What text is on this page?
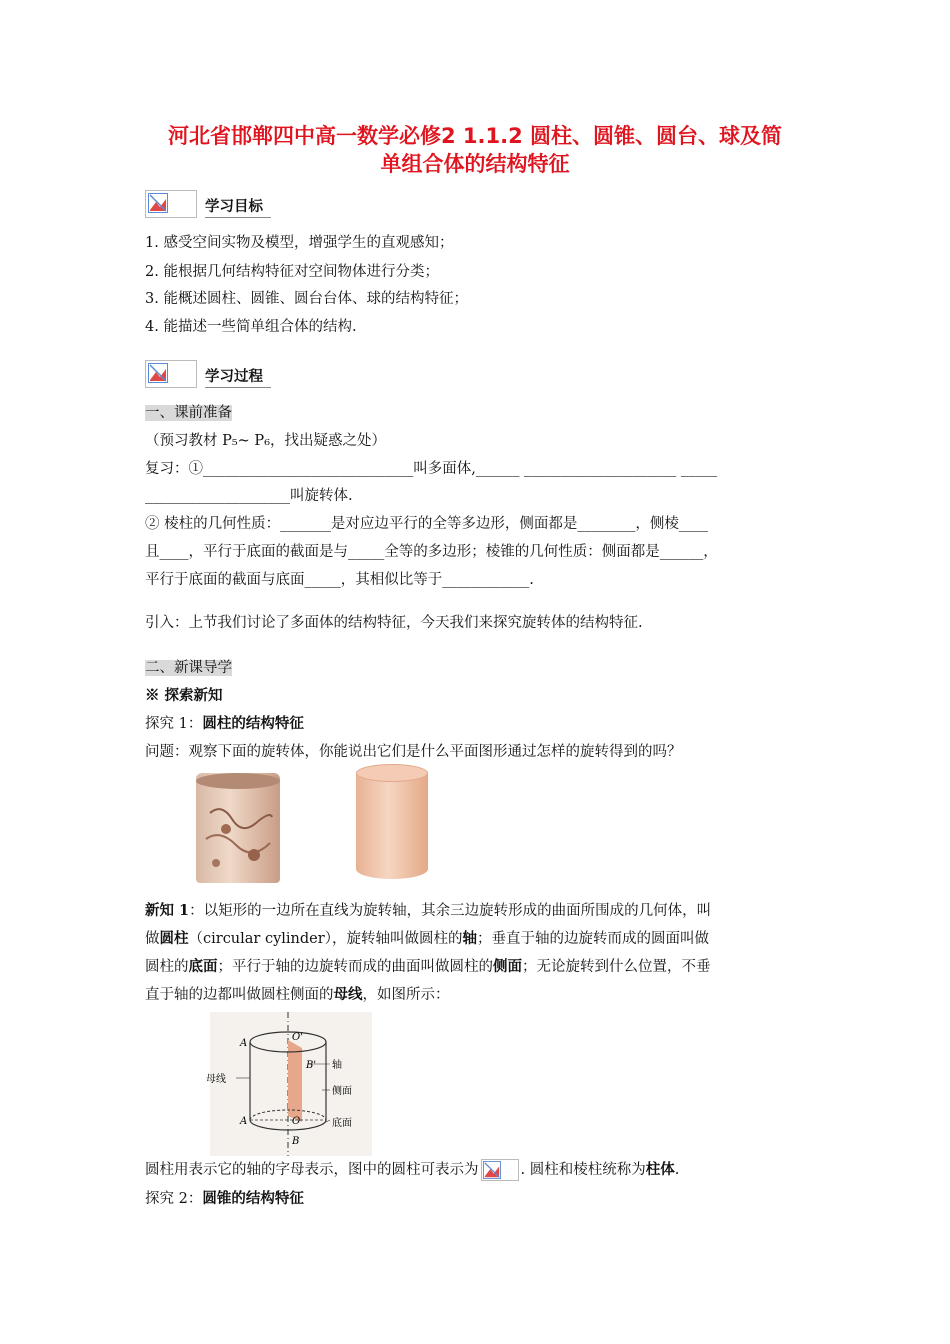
河北省邯郸四中高一数学必修2 1.1.2 圆柱、圆锥、圆台、球及简
单组合体的结构特征
学习目标
1. 感受空间实物及模型，增强学生的直观感知；
2. 能根据几何结构特征对空间物体进行分类；
3. 能概述圆柱、圆锥、圆台台体、球的结构特征；
4. 能描述一些简单组合体的结构.
学习过程
一、课前准备
（预习教材 P₅~ P₆，找出疑惑之处）
复习：①_____________________________叫多面体,______ _____________________ _____
____________________叫旋转体.
② 棱柱的几何性质：_______是对应边平行的全等多边形，侧面都是________，侧棱____
且____，平行于底面的截面是与_____全等的多边形；棱锥的几何性质：侧面都是______，
平行于底面的截面与底面_____，其相似比等于____________.
引入：上节我们讨论了多面体的结构特征，今天我们来探究旋转体的结构特征.
二、新课导学
※ 探索新知
探究 1：圆柱的结构特征
问题：观察下面的旋转体，你能说出它们是什么平面图形通过怎样的旋转得到的吗？
新知 1：以矩形的一边所在直线为旋转轴，其余三边旋转形成的曲面所围成的几何体，叫
做圆柱（circular cylinder），旋转轴叫做圆柱的轴；垂直于轴的边旋转而成的圆面叫做
圆柱的底面；平行于轴的边旋转而成的曲面叫做圆柱的侧面；无论旋转到什么位置，不垂
直于轴的边都叫做圆柱侧面的母线，如图所示：
A
O'
B'
A	O
B
轴
侧面
底面
母线
圆柱用表示它的轴的字母表示，图中的圆柱可表示为	. 圆柱和棱柱统称为柱体.
探究 2：圆锥的结构特征
